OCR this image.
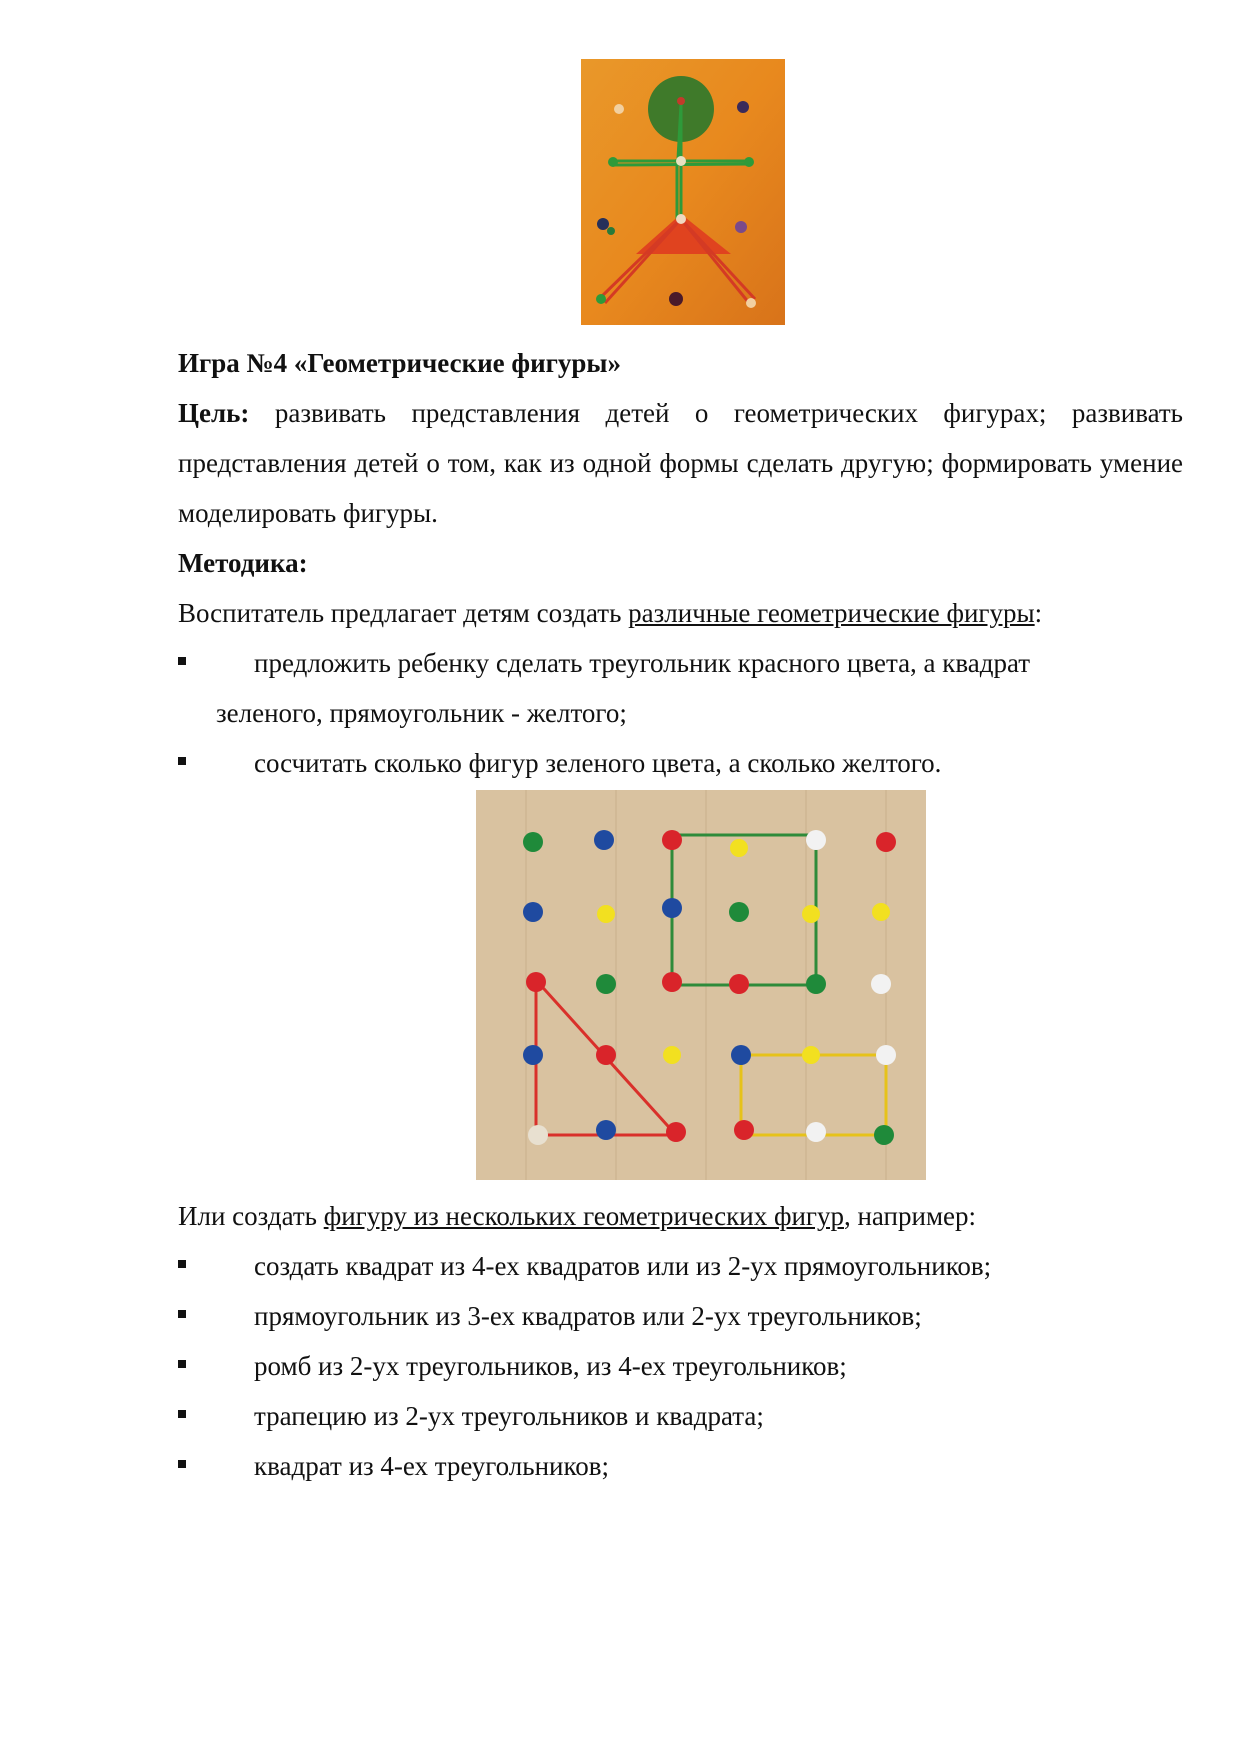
Игра №4 «Геометрические фигуры»

Цель: развивать представления детей о геометрических фигурах; развивать представления детей о том, как из одной формы сделать другую; формировать умение моделировать фигуры.

Методика:

Воспитатель предлагает детям создать различные геометрические фигуры:

предложить ребенку сделать треугольник красного цвета, а квадрат
зеленого, прямоугольник - желтого;

сосчитать сколько фигур зеленого цвета, а сколько желтого.

Или создать фигуру из нескольких геометрических фигур, например:

создать квадрат из 4-ех квадратов или из 2-ух прямоугольников;

прямоугольник из 3-ех квадратов или 2-ух треугольников;

ромб из 2-ух треугольников, из 4-ех треугольников;

трапецию из 2-ух треугольников и квадрата;

квадрат из 4-ех треугольников;
